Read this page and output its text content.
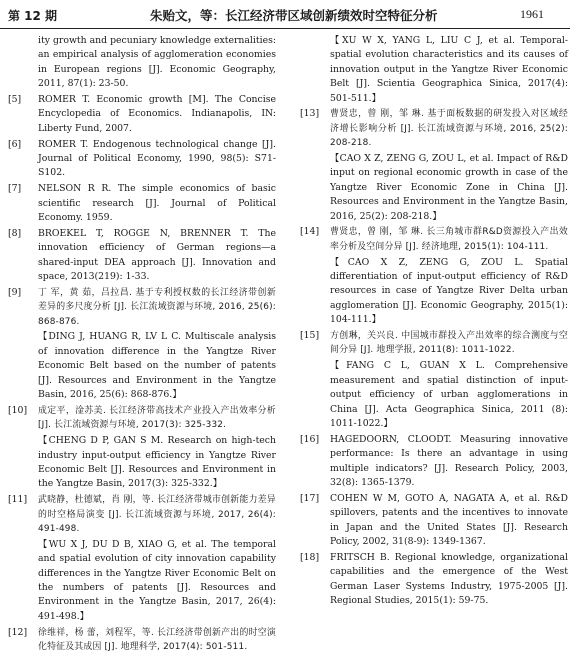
第 12 期	朱贻文，等：长江经济带区域创新绩效时空特征分析	1961
ity growth and pecuniary knowledge externalities: an empirical analysis of agglomeration economies in European regions [J]. Economic Geography, 2011, 87(1): 23-50.
[5]	ROMER T. Economic growth [M]. The Concise Encyclopedia of Economics. Indianapolis, IN: Liberty Fund, 2007.
[6]	ROMER T. Endogenous technological change [J]. Journal of Political Economy, 1990, 98(5): S71-S102.
[7]	NELSON R R. The simple economics of basic scientific research [J]. Journal of Political Economy. 1959.
[8]	BROEKEL T, ROGGE N, BRENNER T. The innovation efficiency of German regions—a shared-input DEA approach [J]. Innovation and space, 2013(219): 1-33.
[9]	丁 军，黄 茹，吕拉昌. 基于专利授权数的长江经济带创新差异的多尺度分析 [J]. 长江流域资源与环境, 2016, 25(6): 868-876.
【DING J, HUANG R, LV L C. Multiscale analysis of innovation difference in the Yangtze River Economic Belt based on the number of patents [J]. Resources and Environment in the Yangtze Basin, 2016, 25(6): 868-876.】
[10]	成定平，淦苏美. 长江经济带高技术产业投入产出效率分析 [J]. 长江流域资源与环境, 2017(3): 325-332.
【CHENG D P, GAN S M. Research on high-tech industry input-output efficiency in Yangtze River Economic Belt [J]. Resources and Environment in the Yangtze Basin, 2017(3): 325-332.】
[11]	武晓静，杜德斌，肖 刚，等. 长江经济带城市创新能力差异的时空格局演变 [J]. 长江流域资源与环境, 2017, 26(4): 491-498.
【WU X J, DU D B, XIAO G, et al. The temporal and spatial evolution of city innovation capability differences in the Yangtze River Economic Belt on the numbers of patents [J]. Resources and Environment in the Yangtze Basin, 2017, 26(4): 491-498.】
[12]	徐维祥，杨 蕾，刘程军，等. 长江经济带创新产出的时空演化特征及其成因 [J]. 地理科学, 2017(4): 501-511.
【XU W X, YANG L, LIU C J, et al. Temporal-spatial evolution characteristics and its causes of innovation output in the Yangtze River Economic Belt [J]. Scientia Geographica Sinica, 2017(4): 501-511.】
[13]	曹贤忠，曾 刚，邹 琳. 基于面板数据的研发投入对区域经济增长影响分析 [J]. 长江流域资源与环境, 2016, 25(2): 208-218.
【CAO X Z, ZENG G, ZOU L, et al. Impact of R&D input on regional economic growth in case of the Yangtze River Economic Zone in China [J]. Resources and Environment in the Yangtze Basin, 2016, 25(2): 208-218.】
[14]	曹贤忠，曾 刚，邹 琳. 长三角城市群R&D资源投入产出效率分析及空间分异 [J]. 经济地理, 2015(1): 104-111.
【CAO X Z, ZENG G, ZOU L. Spatial differentiation of input-output efficiency of R&D resources in case of Yangtze River Delta urban agglomeration [J]. Economic Geography, 2015(1): 104-111.】
[15]	方创琳，关兴良. 中国城市群投入产出效率的综合测度与空间分异 [J]. 地理学报, 2011(8): 1011-1022.
【FANG C L, GUAN X L. Comprehensive measurement and spatial distinction of input-output efficiency of urban agglomerations in China [J]. Acta Geographica Sinica, 2011 (8): 1011-1022.】
[16]	HAGEDOORN, CLOODT. Measuring innovative performance: Is there an advantage in using multiple indicators? [J]. Research Policy, 2003, 32(8): 1365-1379.
[17]	COHEN W M, GOTO A, NAGATA A, et al. R&D spillovers, patents and the incentives to innovate in Japan and the United States [J]. Research Policy, 2002, 31(8-9): 1349-1367.
[18]	FRITSCH B. Regional knowledge, organizational capabilities and the emergence of the West German Laser Systems Industry, 1975-2005 [J]. Regional Studies, 2015(1): 59-75.
